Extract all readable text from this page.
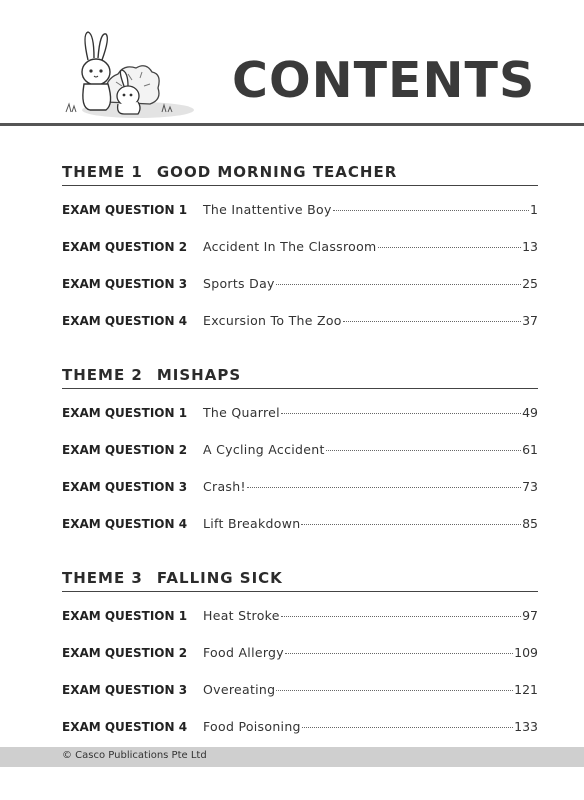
CONTENTS
THEME 1 GOOD MORNING TEACHER
EXAM QUESTION 1	The Inattentive Boy	1
EXAM QUESTION 2	Accident In The Classroom	13
EXAM QUESTION 3	Sports Day	25
EXAM QUESTION 4	Excursion To The Zoo	37
THEME 2 MISHAPS
EXAM QUESTION 1	The Quarrel	49
EXAM QUESTION 2	A Cycling Accident	61
EXAM QUESTION 3	Crash!	73
EXAM QUESTION 4	Lift Breakdown	85
THEME 3 FALLING SICK
EXAM QUESTION 1	Heat Stroke	97
EXAM QUESTION 2	Food Allergy	109
EXAM QUESTION 3	Overeating	121
EXAM QUESTION 4	Food Poisoning	133
© Casco Publications Pte Ltd
